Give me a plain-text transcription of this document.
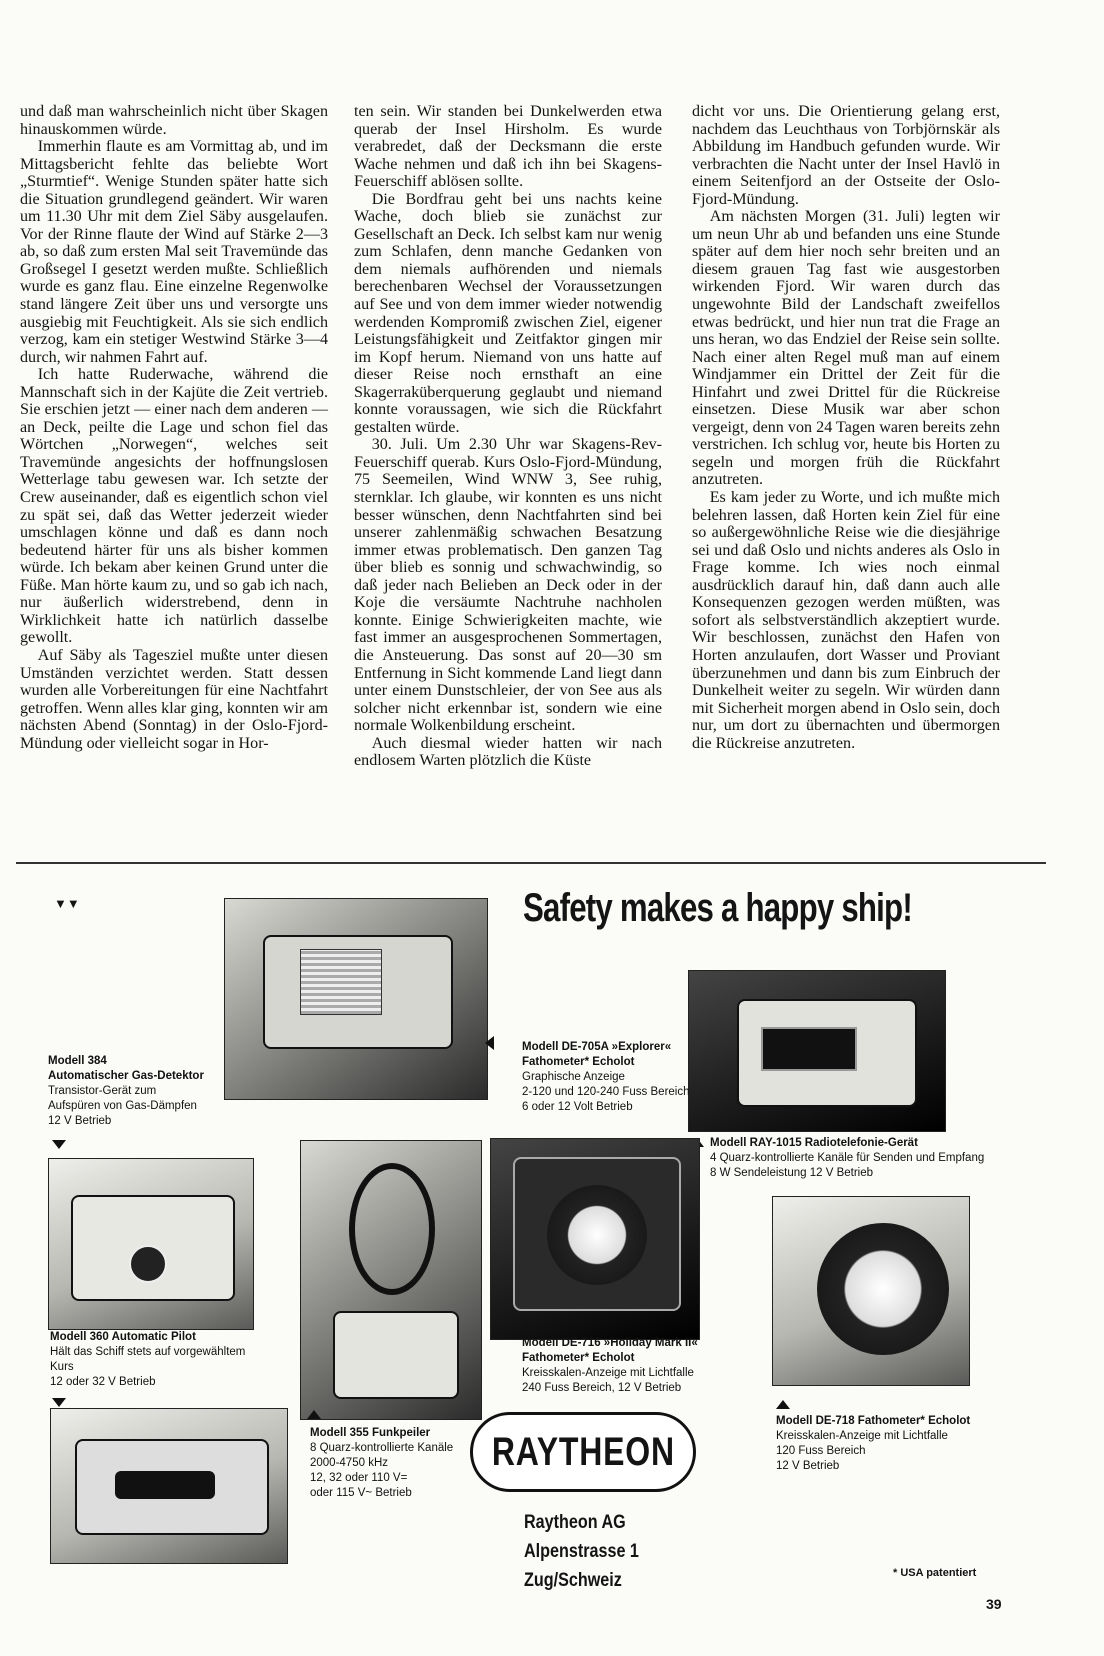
und daß man wahrscheinlich nicht über Skagen hinauskommen würde.

Immerhin flaute es am Vormittag ab, und im Mittagsbericht fehlte das beliebte Wort „Sturmtief“. Wenige Stunden später hatte sich die Situation grundlegend geändert. Wir waren um 11.30 Uhr mit dem Ziel Säby ausgelaufen. Vor der Rinne flaute der Wind auf Stärke 2—3 ab, so daß zum ersten Mal seit Travemünde das Großsegel I gesetzt werden mußte. Schließlich wurde es ganz flau. Eine einzelne Regenwolke stand längere Zeit über uns und versorgte uns ausgiebig mit Feuchtigkeit. Als sie sich endlich verzog, kam ein stetiger Westwind Stärke 3—4 durch, wir nahmen Fahrt auf.

Ich hatte Ruderwache, während die Mannschaft sich in der Kajüte die Zeit vertrieb. Sie erschien jetzt — einer nach dem anderen — an Deck, peilte die Lage und schon fiel das Wörtchen „Norwegen“, welches seit Travemünde angesichts der hoffnungslosen Wetterlage tabu gewesen war. Ich setzte der Crew auseinander, daß es eigentlich schon viel zu spät sei, daß das Wetter jederzeit wieder umschlagen könne und daß es dann noch bedeutend härter für uns als bisher kommen würde. Ich bekam aber keinen Grund unter die Füße. Man hörte kaum zu, und so gab ich nach, nur äußerlich widerstrebend, denn in Wirklichkeit hatte ich natürlich dasselbe gewollt.

Auf Säby als Tagesziel mußte unter diesen Umständen verzichtet werden. Statt dessen wurden alle Vorbereitungen für eine Nachtfahrt getroffen. Wenn alles klar ging, konnten wir am nächsten Abend (Sonntag) in der Oslo-Fjord-Mündung oder vielleicht sogar in Hor-

ten sein. Wir standen bei Dunkelwerden etwa querab der Insel Hirsholm. Es wurde verabredet, daß der Decksmann die erste Wache nehmen und daß ich ihn bei Skagens-Feuerschiff ablösen sollte.

Die Bordfrau geht bei uns nachts keine Wache, doch blieb sie zunächst zur Gesellschaft an Deck. Ich selbst kam nur wenig zum Schlafen, denn manche Gedanken von dem niemals aufhörenden und niemals berechenbaren Wechsel der Voraussetzungen auf See und von dem immer wieder notwendig werdenden Kompromiß zwischen Ziel, eigener Leistungsfähigkeit und Zeitfaktor gingen mir im Kopf herum. Niemand von uns hatte auf dieser Reise noch ernsthaft an eine Skagerraküberquerung geglaubt und niemand konnte voraussagen, wie sich die Rückfahrt gestalten würde.

30. Juli. Um 2.30 Uhr war Skagens-Rev-Feuerschiff querab. Kurs Oslo-Fjord-Mündung, 75 Seemeilen, Wind WNW 3, See ruhig, sternklar. Ich glaube, wir konnten es uns nicht besser wünschen, denn Nachtfahrten sind bei unserer zahlenmäßig schwachen Besatzung immer etwas problematisch. Den ganzen Tag über blieb es sonnig und schwachwindig, so daß jeder nach Belieben an Deck oder in der Koje die versäumte Nachtruhe nachholen konnte. Einige Schwierigkeiten machte, wie fast immer an ausgesprochenen Sommertagen, die Ansteuerung. Das sonst auf 20—30 sm Entfernung in Sicht kommende Land liegt dann unter einem Dunstschleier, der von See aus als solcher nicht erkennbar ist, sondern wie eine normale Wolkenbildung erscheint.

Auch diesmal wieder hatten wir nach endlosem Warten plötzlich die Küste

dicht vor uns. Die Orientierung gelang erst, nachdem das Leuchthaus von Torbjörnskär als Abbildung im Handbuch gefunden wurde. Wir verbrachten die Nacht unter der Insel Havlö in einem Seitenfjord an der Ostseite der Oslo-Fjord-Mündung.

Am nächsten Morgen (31. Juli) legten wir um neun Uhr ab und befanden uns eine Stunde später auf dem hier noch sehr breiten und an diesem grauen Tag fast wie ausgestorben wirkenden Fjord. Wir waren durch das ungewohnte Bild der Landschaft zweifellos etwas bedrückt, und hier nun trat die Frage an uns heran, wo das Endziel der Reise sein sollte. Nach einer alten Regel muß man auf einem Windjammer ein Drittel der Zeit für die Hinfahrt und zwei Drittel für die Rückreise einsetzen. Diese Musik war aber schon vergeigt, denn von 24 Tagen waren bereits zehn verstrichen. Ich schlug vor, heute bis Horten zu segeln und morgen früh die Rückfahrt anzutreten.

Es kam jeder zu Worte, und ich mußte mich belehren lassen, daß Horten kein Ziel für eine so außergewöhnliche Reise wie die diesjährige sei und daß Oslo und nichts anderes als Oslo in Frage komme. Ich wies noch einmal ausdrücklich darauf hin, daß dann auch alle Konsequenzen gezogen werden müßten, was sofort als selbstverständlich akzeptiert wurde. Wir beschlossen, zunächst den Hafen von Horten anzulaufen, dort Wasser und Proviant überzunehmen und dann bis zum Einbruch der Dunkelheit weiter zu segeln. Wir würden dann mit Sicherheit morgen abend in Oslo sein, doch nur, um dort zu übernachten und übermorgen die Rückreise anzutreten.

▼▼	Safety makes a happy ship!
Modell 384
Automatischer Gas-Detektor
Transistor-Gerät zum
Aufspüren von Gas-Dämpfen
12 V Betrieb
Modell DE-705A »Explorer« Fathometer* Echolot
Graphische Anzeige
2-120 und 120-240 Fuss Bereich
6 oder 12 Volt Betrieb
Modell RAY-1015 Radiotelefonie-Gerät
4 Quarz-kontrollierte Kanäle für Senden und Empfang
8 W Sendeleistung 12 V Betrieb
Modell 360 Automatic Pilot
Hält das Schiff stets auf vorgewähltem
Kurs
12 oder 32 V Betrieb
Modell 355 Funkpeiler
8 Quarz-kontrollierte Kanäle
2000-4750 kHz
12, 32 oder 110 V=
oder 115 V~ Betrieb
Modell DE-716 »Holiday Mark II« Fathometer* Echolot
Kreisskalen-Anzeige mit Lichtfalle
240 Fuss Bereich, 12 V Betrieb
Modell DE-718 Fathometer* Echolot
Kreisskalen-Anzeige mit Lichtfalle
120 Fuss Bereich
12 V Betrieb
RAYTHEON
Raytheon AG
Alpenstrasse 1
Zug/Schweiz	* USA patentiert
39
